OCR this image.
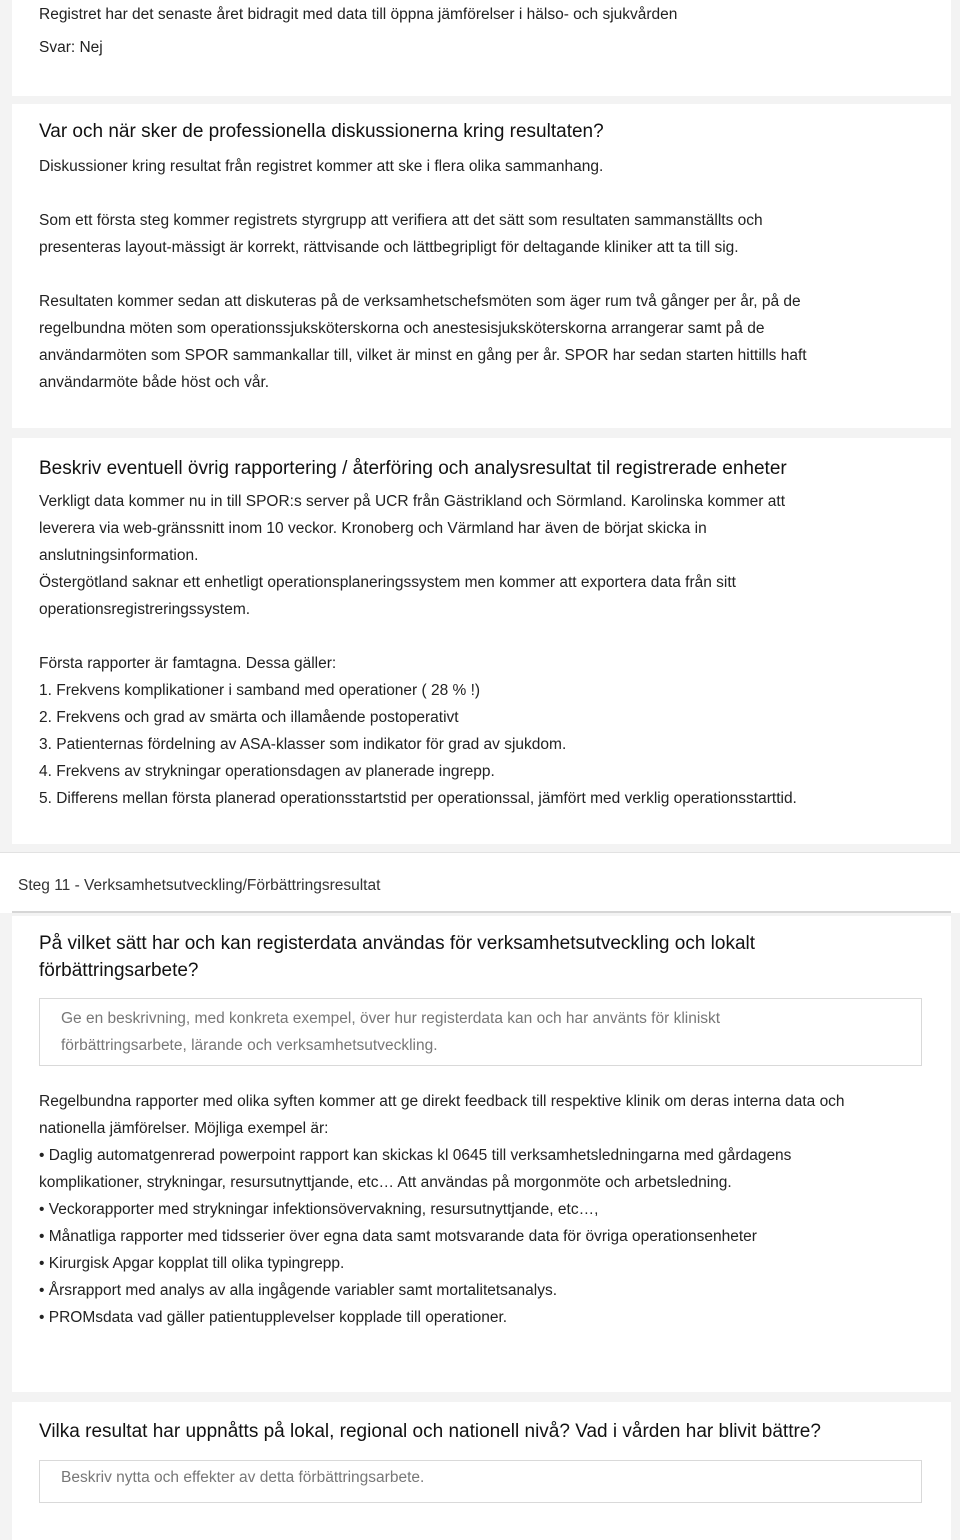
Registret har det senaste året bidragit med data till öppna jämförelser i hälso- och sjukvården
Svar: Nej
Var och när sker de professionella diskussionerna kring resultaten?
Diskussioner kring resultat från registret kommer att ske i flera olika sammanhang.

Som ett första steg kommer registrets styrgrupp att verifiera att det sätt som resultaten sammanställts och

presenteras layout-mässigt är korrekt, rättvisande och lättbegripligt för deltagande kliniker att ta till sig.

Resultaten kommer sedan att diskuteras på de verksamhetschefsmöten som äger rum två gånger per år, på de

regelbundna möten som operationssjuksköterskorna och anestesisjuksköterskorna arrangerar samt på de

användarmöten som SPOR sammankallar till, vilket är minst en gång per år. SPOR har sedan starten hittills haft

användarmöte både höst och vår.

Beskriv eventuell övrig rapportering / återföring och analysresultat til registrerade enheter

Verkligt data kommer nu in till SPOR:s server på UCR från Gästrikland och Sörmland. Karolinska kommer att

leverera via web-gränssnitt inom 10 veckor. Kronoberg och Värmland har även de börjat skicka in

anslutningsinformation.

Östergötland saknar ett enhetligt operationsplaneringssystem men kommer att exportera data från sitt

operationsregistreringssystem.

Första rapporter är famtagna. Dessa gäller:

1. Frekvens komplikationer i samband med operationer ( 28 % !)

2. Frekvens och grad av smärta och illamående postoperativt

3. Patienternas fördelning av ASA-klasser som indikator för grad av sjukdom.

4. Frekvens av strykningar operationsdagen av planerade ingrepp.

5. Differens mellan första planerad operationsstartstid per operationssal, jämfört med verklig operationsstarttid.

Steg 11 - Verksamhetsutveckling/Förbättringsresultat

På vilket sätt har och kan registerdata användas för verksamhetsutveckling och lokalt

förbättringsarbete?

Ge en beskrivning, med konkreta exempel, över hur registerdata kan och har använts för kliniskt

förbättringsarbete, lärande och verksamhetsutveckling.

Regelbundna rapporter med olika syften kommer att ge direkt feedback till respektive klinik om deras interna data och

nationella jämförelser. Möjliga exempel är:

• Daglig automatgenrerad powerpoint rapport kan skickas kl 0645 till verksamhetsledningarna med gårdagens

komplikationer, strykningar, resursutnyttjande, etc… Att användas på morgonmöte och arbetsledning.

• Veckorapporter med strykningar infektionsövervakning, resursutnyttjande, etc…,

• Månatliga rapporter med tidsserier över egna data samt motsvarande data för övriga operationsenheter

• Kirurgisk Apgar kopplat till olika typingrepp.

• Årsrapport med analys av alla ingågende variabler samt mortalitetsanalys.

• PROMsdata vad gäller patientupplevelser kopplade till operationer.

Vilka resultat har uppnåtts på lokal, regional och nationell nivå? Vad i vården har blivit bättre?

Beskriv nytta och effekter av detta förbättringsarbete.
